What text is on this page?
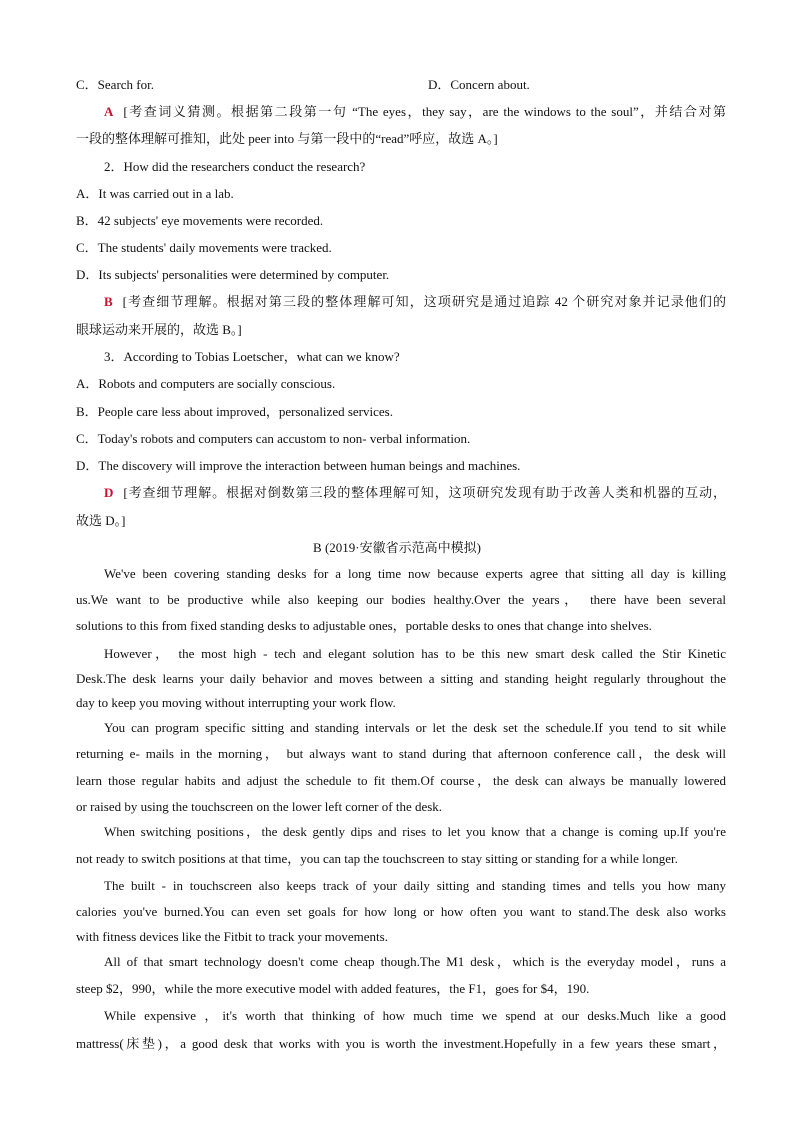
C．Search for.	D．Concern about.
A [考查词义猜测。根据第二段第一句 “The eyes，they say，are the windows to the soul”，并结合对第
一段的整体理解可推知，此处 peer into 与第一段中的“read”呼应，故选 A。]
2．How did the researchers conduct the research?
A．It was carried out in a lab.
B．42 subjects' eye movements were recorded.
C．The students' daily movements were tracked.
D．Its subjects' personalities were determined by computer.
B [考查细节理解。根据对第三段的整体理解可知，这项研究是通过追踪 42 个研究对象并记录他们的
眼球运动来开展的，故选 B。]
3．According to Tobias Loetscher，what can we know?
A．Robots and computers are socially conscious.
B．People care less about improved，personalized services.
C．Today's robots and computers can accustom to non- verbal information.
D．The discovery will improve the interaction between human beings and machines.
D [考查细节理解。根据对倒数第三段的整体理解可知，这项研究发现有助于改善人类和机器的互动，
故选 D。]
B (2019·安徽省示范高中模拟)
We've been covering standing desks for a long time now because experts agree that sitting all day is killing
us.We want to be productive while also keeping our bodies healthy.Over the years， there have been several
solutions to this from fixed standing desks to adjustable ones，portable desks to ones that change into shelves.
However， the most high - tech and elegant solution has to be this new smart desk called the Stir Kinetic
Desk.The desk learns your daily behavior and moves between a sitting and standing height regularly throughout the
day to keep you moving without interrupting your work flow.
You can program specific sitting and standing intervals or let the desk set the schedule.If you tend to sit while
returning e- mails in the morning， but always want to stand during that afternoon conference call，the desk will
learn those regular habits and adjust the schedule to fit them.Of course，the desk can always be manually lowered
or raised by using the touchscreen on the lower left corner of the desk.
When switching positions，the desk gently dips and rises to let you know that a change is coming up.If you're
not ready to switch positions at that time，you can tap the touchscreen to stay sitting or standing for a while longer.
The built - in touchscreen also keeps track of your daily sitting and standing times and tells you how many
calories you've burned.You can even set goals for how long or how often you want to stand.The desk also works
with fitness devices like the Fitbit to track your movements.
All of that smart technology doesn't come cheap though.The M1 desk，which is the everyday model，runs a
steep $2，990，while the more executive model with added features，the F1，goes for $4，190.
While expensive ，it's worth that thinking of how much time we spend at our desks.Much like a good
mattress(床垫)，a good desk that works with you is worth the investment.Hopefully in a few years these smart，
